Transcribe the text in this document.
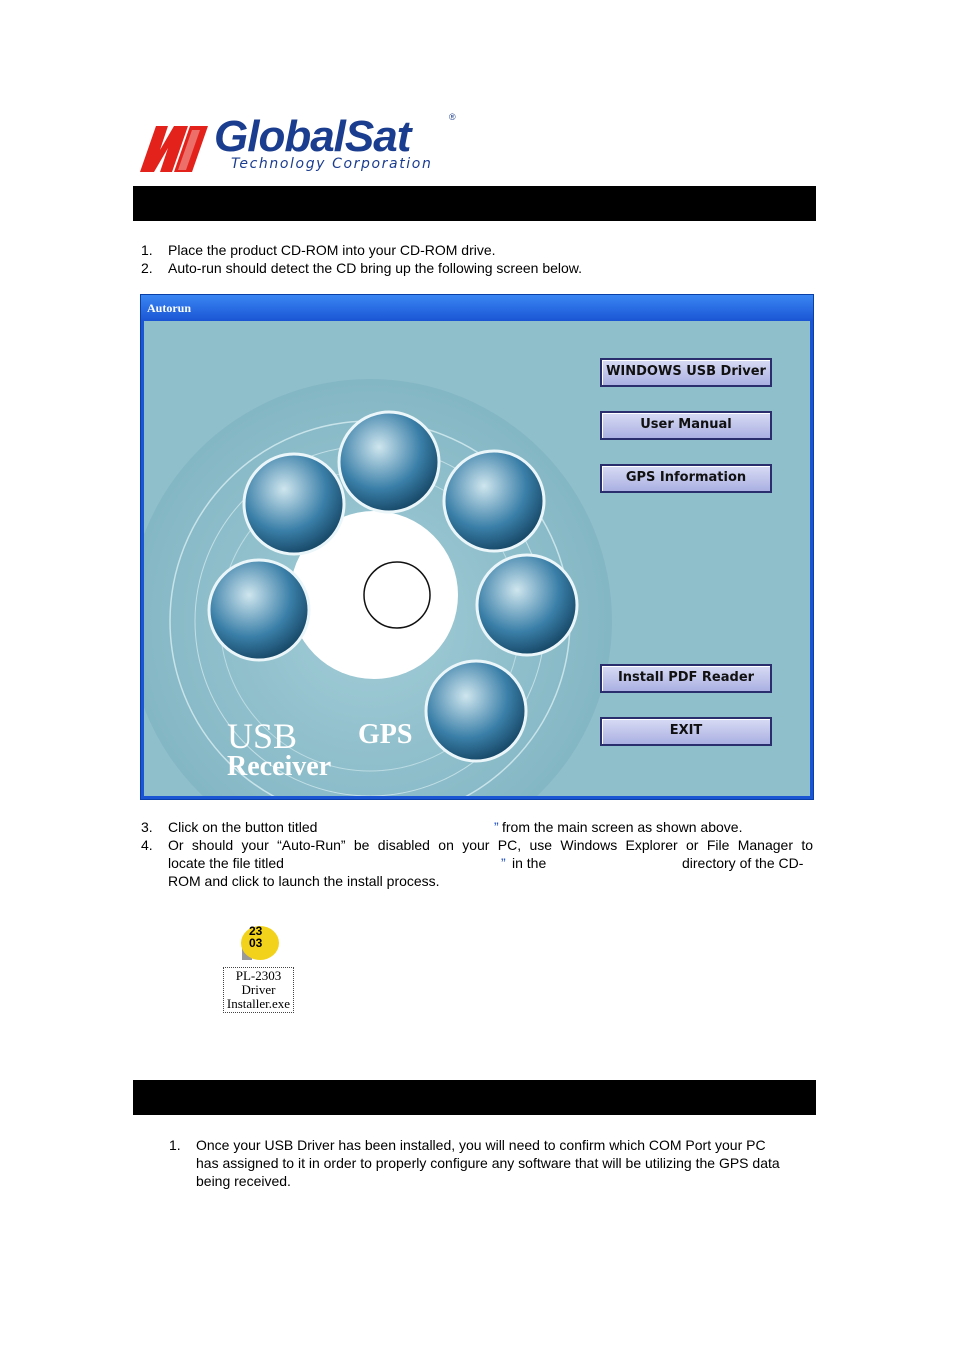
GlobalSat	®
Technology Corporation
1. Place the product CD-ROM into your CD-ROM drive.
2. Auto-run should detect the CD bring up the following screen below.
Autorun
USB GPS
Receiver
WINDOWS USB Driver
User Manual
GPS Information
Install PDF Reader
EXIT
3. Click on the button titled	” from the main screen as shown above.
4. Or should your “Auto-Run” be disabled on your PC, use Windows Explorer or File Manager to
locate the file titled	” in the	directory of the CD-
ROM and click to launch the install process.
23
03
PL-2303
Driver
Installer.exe
1. Once your USB Driver has been installed, you will need to confirm which COM Port your PC
has assigned to it in order to properly configure any software that will be utilizing the GPS data
being received.
